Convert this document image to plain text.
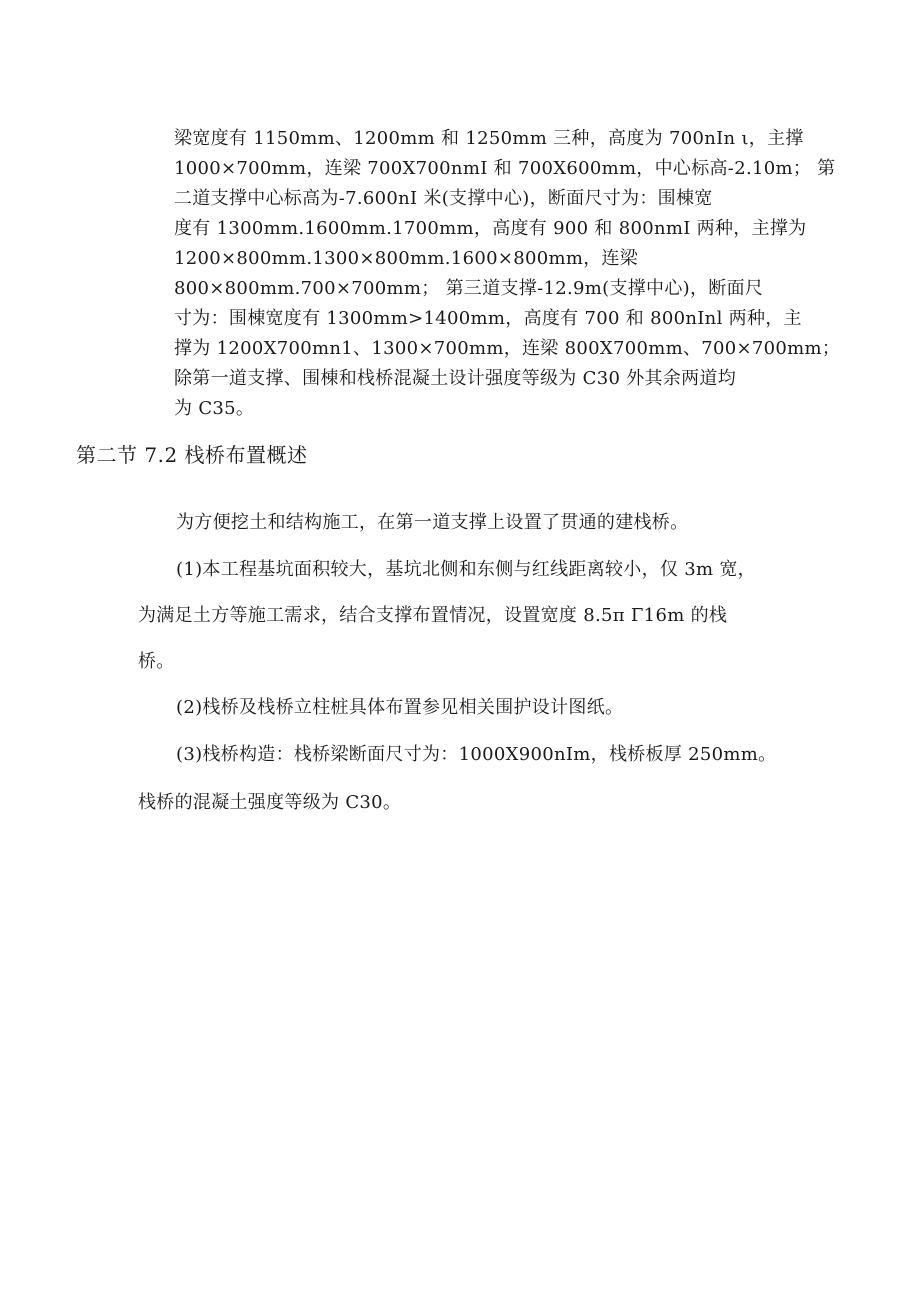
梁宽度有 1150mm、1200mm 和 1250mm 三种，高度为 700nIn ι，主撑
1000×700mm，连梁 700X700nmI 和 700X600mm，中心标高-2.10m； 第
二道支撑中心标高为-7.600nI 米(支撑中心)，断面尺寸为：围棟宽
度有 1300mm.1600mm.1700mm，高度有 900 和 800nmI 两种，主撑为
1200×800mm.1300×800mm.1600×800mm，连梁
800×800mm.700×700mm； 第三道支撑-12.9m(支撑中心)，断面尺
寸为：围棟宽度有 1300mm>1400mm，高度有 700 和 800nInl 两种，主
撑为 1200X700mn1、1300×700mm，连梁 800X700mm、700×700mm；
除第一道支撑、围棟和栈桥混凝土设计强度等级为 C30 外其余两道均
为 C35。
第二节 7.2 栈桥布置概述
为方便挖土和结构施工，在第一道支撑上设置了贯通的建栈桥。
(1)本工程基坑面积较大，基坑北侧和东侧与红线距离较小，仅 3m 宽，
为满足土方等施工需求，结合支撑布置情况，设置宽度 8.5π Γ16m 的栈
桥。
(2)栈桥及栈桥立柱桩具体布置参见相关围护设计图纸。
(3)栈桥构造：栈桥梁断面尺寸为：1000X900nIm，栈桥板厚 250mm。
栈桥的混凝土强度等级为 C30。
